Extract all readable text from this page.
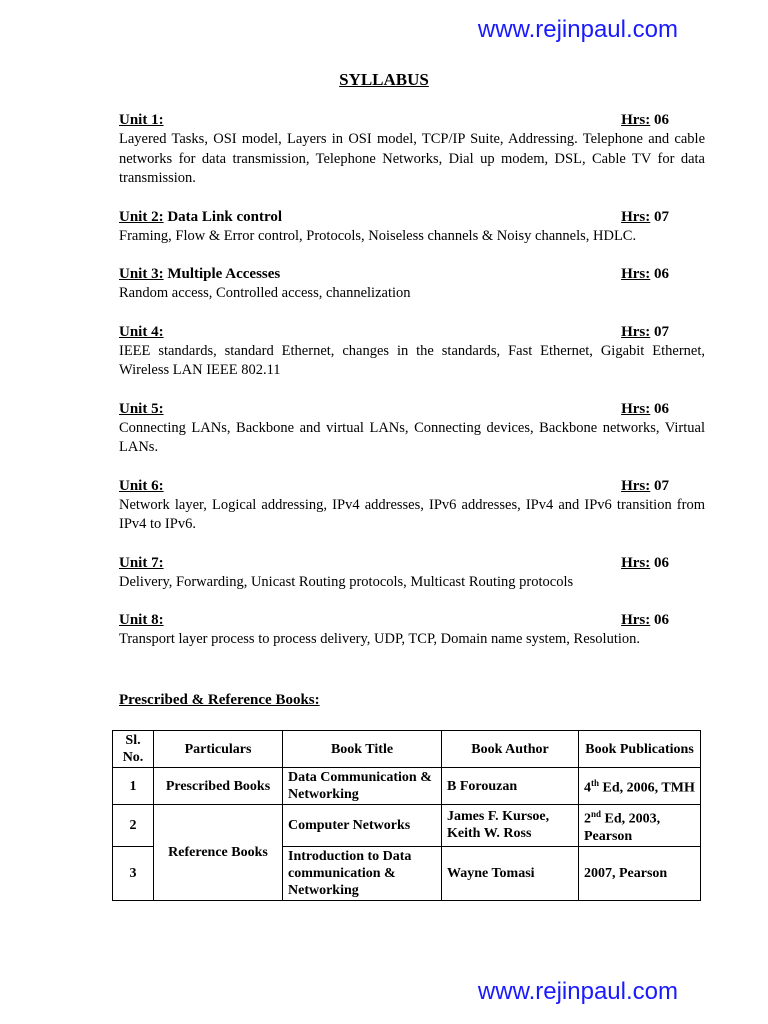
www.rejinpaul.com
SYLLABUS
Unit 1:	Hrs: 06
Layered Tasks, OSI model, Layers in OSI model, TCP/IP Suite, Addressing. Telephone and cable networks for data transmission, Telephone Networks, Dial up modem, DSL, Cable TV for data transmission.
Unit 2: Data Link control	Hrs: 07
Framing, Flow & Error control, Protocols, Noiseless channels & Noisy channels, HDLC.
Unit 3: Multiple Accesses	Hrs: 06
Random access, Controlled access, channelization
Unit 4:	Hrs: 07
IEEE standards, standard Ethernet, changes in the standards, Fast Ethernet, Gigabit Ethernet, Wireless LAN IEEE 802.11
Unit 5:	Hrs: 06
Connecting LANs, Backbone and virtual LANs, Connecting devices, Backbone networks, Virtual LANs.
Unit 6:	Hrs: 07
Network layer, Logical addressing, IPv4 addresses, IPv6 addresses, IPv4 and IPv6 transition from IPv4 to IPv6.
Unit 7:	Hrs: 06
Delivery, Forwarding, Unicast Routing protocols, Multicast Routing protocols
Unit 8:	Hrs: 06
Transport layer process to process delivery, UDP, TCP, Domain name system, Resolution.
Prescribed & Reference Books:
Sl. No.	Particulars	Book Title	Book Author	Book Publications
1	Prescribed Books	Data Communication & Networking	B Forouzan	4th Ed, 2006, TMH
2	Reference Books	Computer Networks	James F. Kursoe, Keith W. Ross	2nd Ed, 2003, Pearson
3		Introduction to Data communication & Networking	Wayne Tomasi	2007, Pearson
www.rejinpaul.com
